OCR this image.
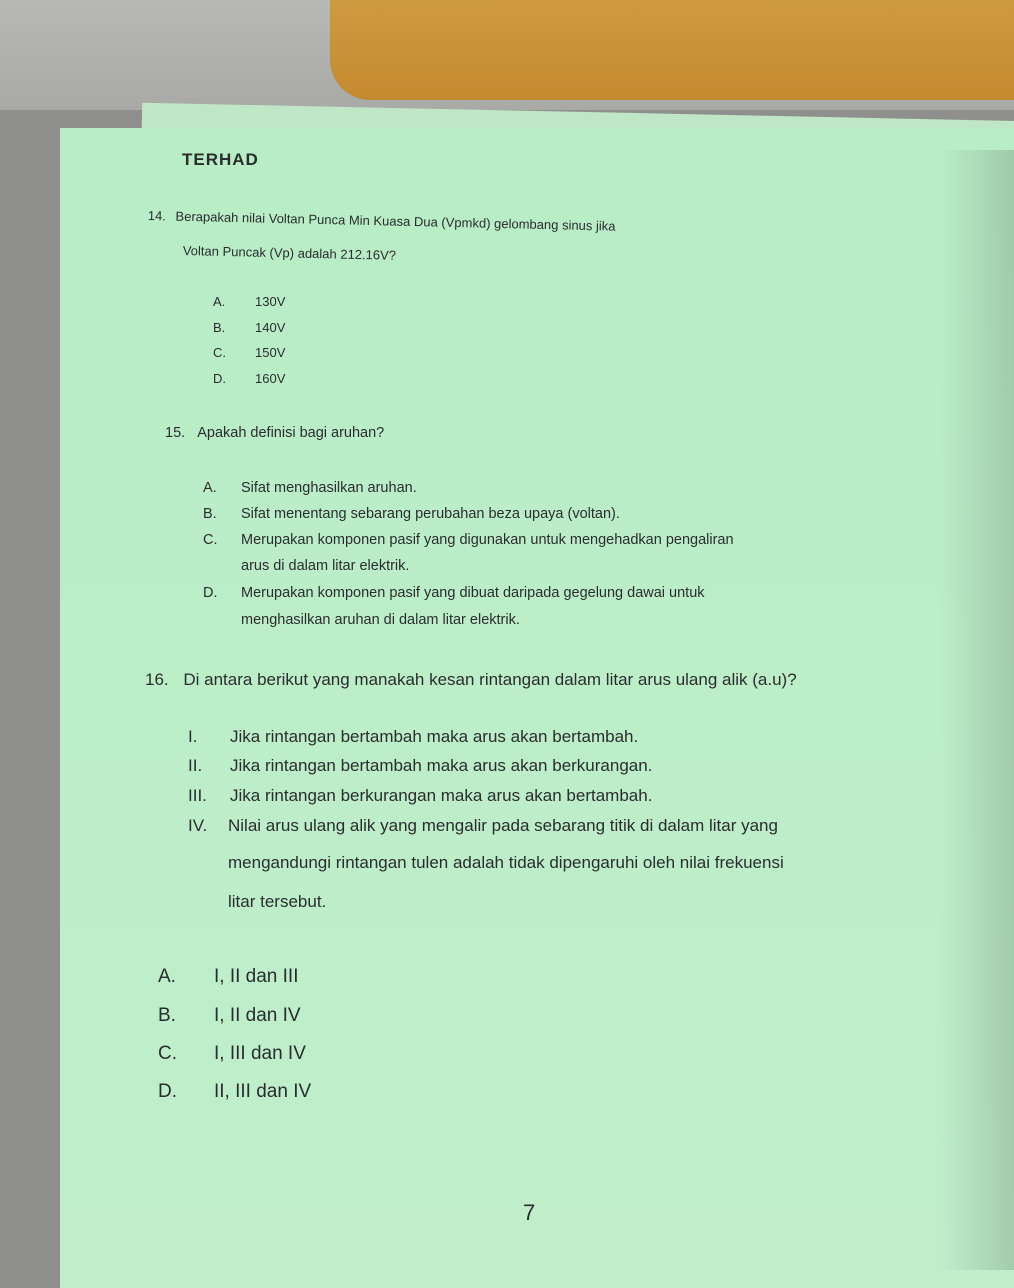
TERHAD
14. Berapakah nilai Voltan Punca Min Kuasa Dua (Vpmkd) gelombang sinus jika
Voltan Puncak (Vp) adalah 212.16V?
A. 130V
B. 140V
C. 150V
D. 160V
15. Apakah definisi bagi aruhan?
A. Sifat menghasilkan aruhan.
B. Sifat menentang sebarang perubahan beza upaya (voltan).
C. Merupakan komponen pasif yang digunakan untuk mengehadkan pengaliran
arus di dalam litar elektrik.
D. Merupakan komponen pasif yang dibuat daripada gegelung dawai untuk
menghasilkan aruhan di dalam litar elektrik.
16. Di antara berikut yang manakah kesan rintangan dalam litar arus ulang alik (a.u)?
I. Jika rintangan bertambah maka arus akan bertambah.
II. Jika rintangan bertambah maka arus akan berkurangan.
III. Jika rintangan berkurangan maka arus akan bertambah.
IV. Nilai arus ulang alik yang mengalir pada sebarang titik di dalam litar yang
mengandungi rintangan tulen adalah tidak dipengaruhi oleh nilai frekuensi
litar tersebut.
A. I, II dan III
B. I, II dan IV
C. I, III dan IV
D. II, III dan IV
7
